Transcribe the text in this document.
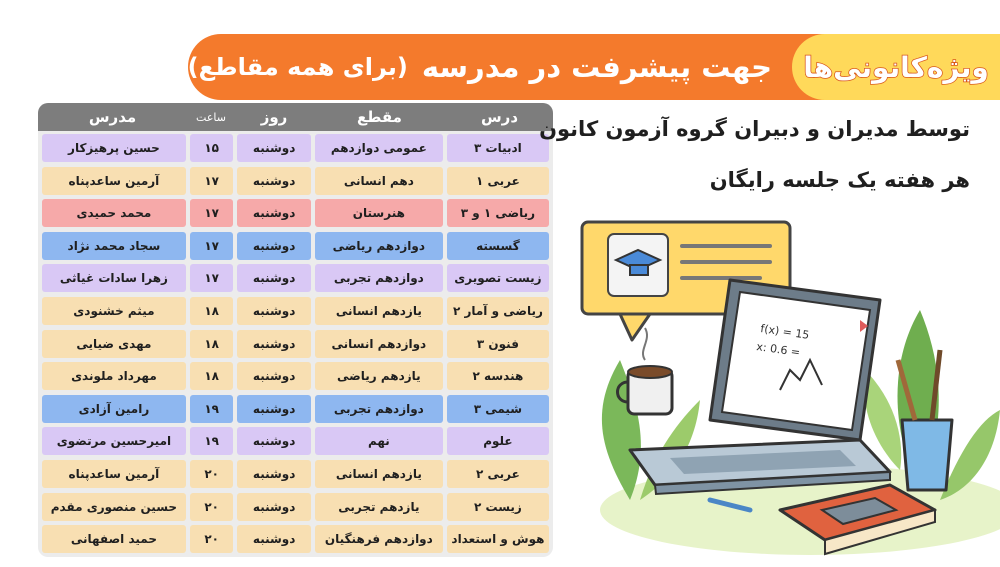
جهت پیشرفت در مدرسه
(برای همه مقاطع)	ویژه‌کانونی‌ها
درس
مقطع
روز
ساعت
مدرس
ادبیات ۳
عمومی دوازدهم
دوشنبه
۱۵
حسین پرهیزکار
عربی ۱
دهم انسانی
دوشنبه
۱۷
آرمین ساعدپناه
ریاضی ۱ و ۳
هنرستان
دوشنبه
۱۷
محمد حمیدی
گسسته
دوازدهم ریاضی
دوشنبه
۱۷
سجاد محمد نژاد
زیست تصویری
دوازدهم تجربی
دوشنبه
۱۷
زهرا سادات غیاثی
ریاضی و آمار ۲
یازدهم انسانی
دوشنبه
۱۸
میثم خشنودی
فنون ۳
دوازدهم انسانی
دوشنبه
۱۸
مهدی ضیایی
هندسه ۲
یازدهم ریاضی
دوشنبه
۱۸
مهرداد ملوندی
شیمی ۳
دوازدهم تجربی
دوشنبه
۱۹
رامین آزادی
علوم
نهم
دوشنبه
۱۹
امیرحسین مرتضوی
عربی ۲
یازدهم انسانی
دوشنبه
۲۰
آرمین ساعدپناه
زیست ۲
یازدهم تجربی
دوشنبه
۲۰
حسین منصوری مقدم
هوش و استعداد
دوازدهم فرهنگیان
دوشنبه
۲۰
حمید اصفهانی
توسط مدیران و دبیران گروه آزمون کانون
هر هفته یک جلسه رایگان
f(x) = 15
x: 0.6 =
